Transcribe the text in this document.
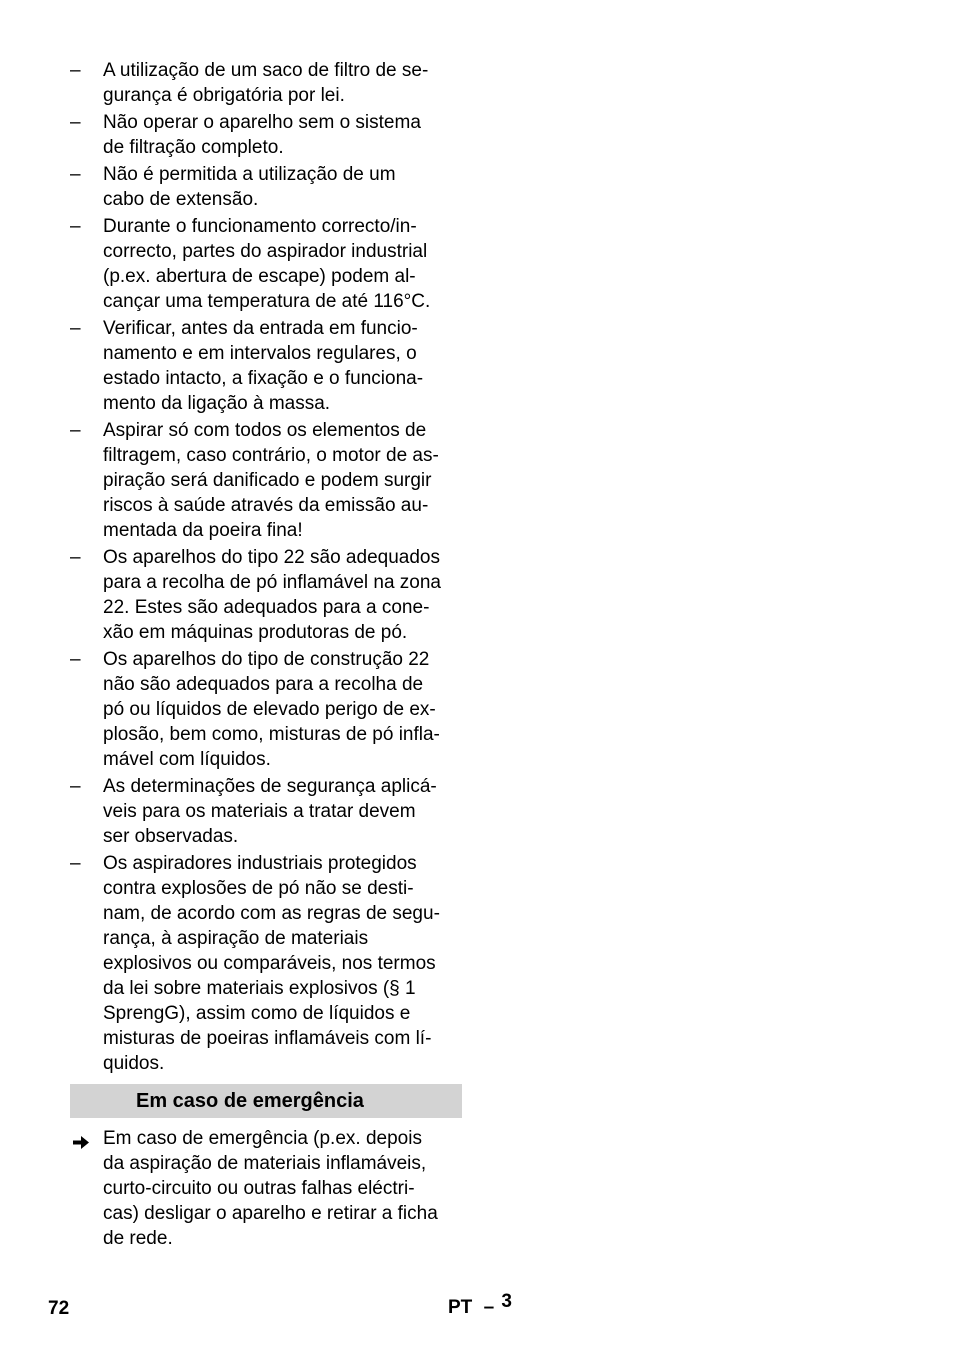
–	A utilização de um saco de filtro de se-
gurança é obrigatória por lei.
–	Não operar o aparelho sem o sistema
de filtração completo.
–	Não é permitida a utilização de um
cabo de extensão.
–	Durante o funcionamento correcto/in-
correcto, partes do aspirador industrial
(p.ex. abertura de escape) podem al-
cançar uma temperatura de até 116°C.
–	Verificar, antes da entrada em funcio-
namento e em intervalos regulares, o
estado intacto, a fixação e o funciona-
mento da ligação à massa.
–	Aspirar só com todos os elementos de
filtragem, caso contrário, o motor de as-
piração será danificado e podem surgir
riscos à saúde através da emissão au-
mentada da poeira fina!
–	Os aparelhos do tipo 22 são adequados
para a recolha de pó inflamável na zona
22. Estes são adequados para a cone-
xão em máquinas produtoras de pó.
–	Os aparelhos do tipo de construção 22
não são adequados para a recolha de
pó ou líquidos de elevado perigo de ex-
plosão, bem como, misturas de pó infla-
mável com líquidos.
–	As determinações de segurança aplicá-
veis para os materiais a tratar devem
ser observadas.
–	Os aspiradores industriais protegidos
contra explosões de pó não se desti-
nam, de acordo com as regras de segu-
rança, à aspiração de materiais
explosivos ou comparáveis, nos termos
da lei sobre materiais explosivos (§ 1
SprengG), assim como de líquidos e
misturas de poeiras inflamáveis com lí-
quidos.
Em caso de emergência
Em caso de emergência (p.ex. depois
da aspiração de materiais inflamáveis,
curto-circuito ou outras falhas eléctri-
cas) desligar o aparelho e retirar a ficha
de rede.
72	PT – 3
